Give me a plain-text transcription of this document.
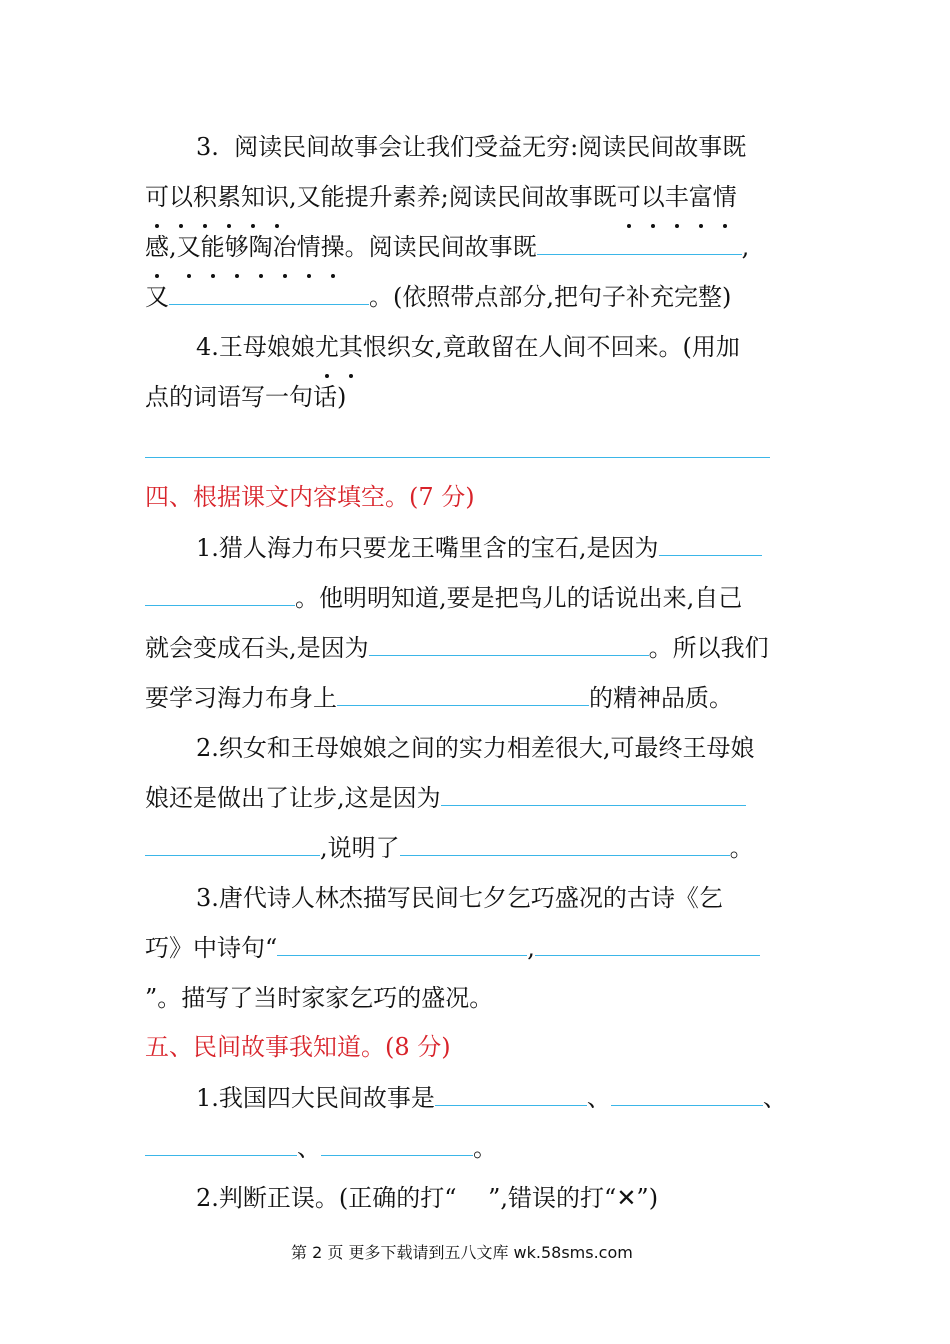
3. 阅读民间故事会让我们受益无穷:阅读民间故事既
可以积累知识,又能提升素养;阅读民间故事既可以丰富情
感,又能够陶冶情操。阅读民间故事既	,
又	。(依照带点部分,把句子补充完整)
4.王母娘娘尤其恨织女,竟敢留在人间不回来。(用加
点的词语写一句话)
四、根据课文内容填空。(7 分)
1.猎人海力布只要龙王嘴里含的宝石,是因为
。他明明知道,要是把鸟儿的话说出来,自己
就会变成石头,是因为	。所以我们
要学习海力布身上	的精神品质。
2.织女和王母娘娘之间的实力相差很大,可最终王母娘
娘还是做出了让步,这是因为
,说明了	。
3.唐代诗人林杰描写民间七夕乞巧盛况的古诗《乞
巧》中诗句“	,
”。描写了当时家家乞巧的盛况。
五、民间故事我知道。(8 分)
1.我国四大民间故事是	、	、
、	。
2.判断正误。(正确的打“　 ”,错误的打“✕”)
第 2 页 更多下载请到五八文库 wk.58sms.com
